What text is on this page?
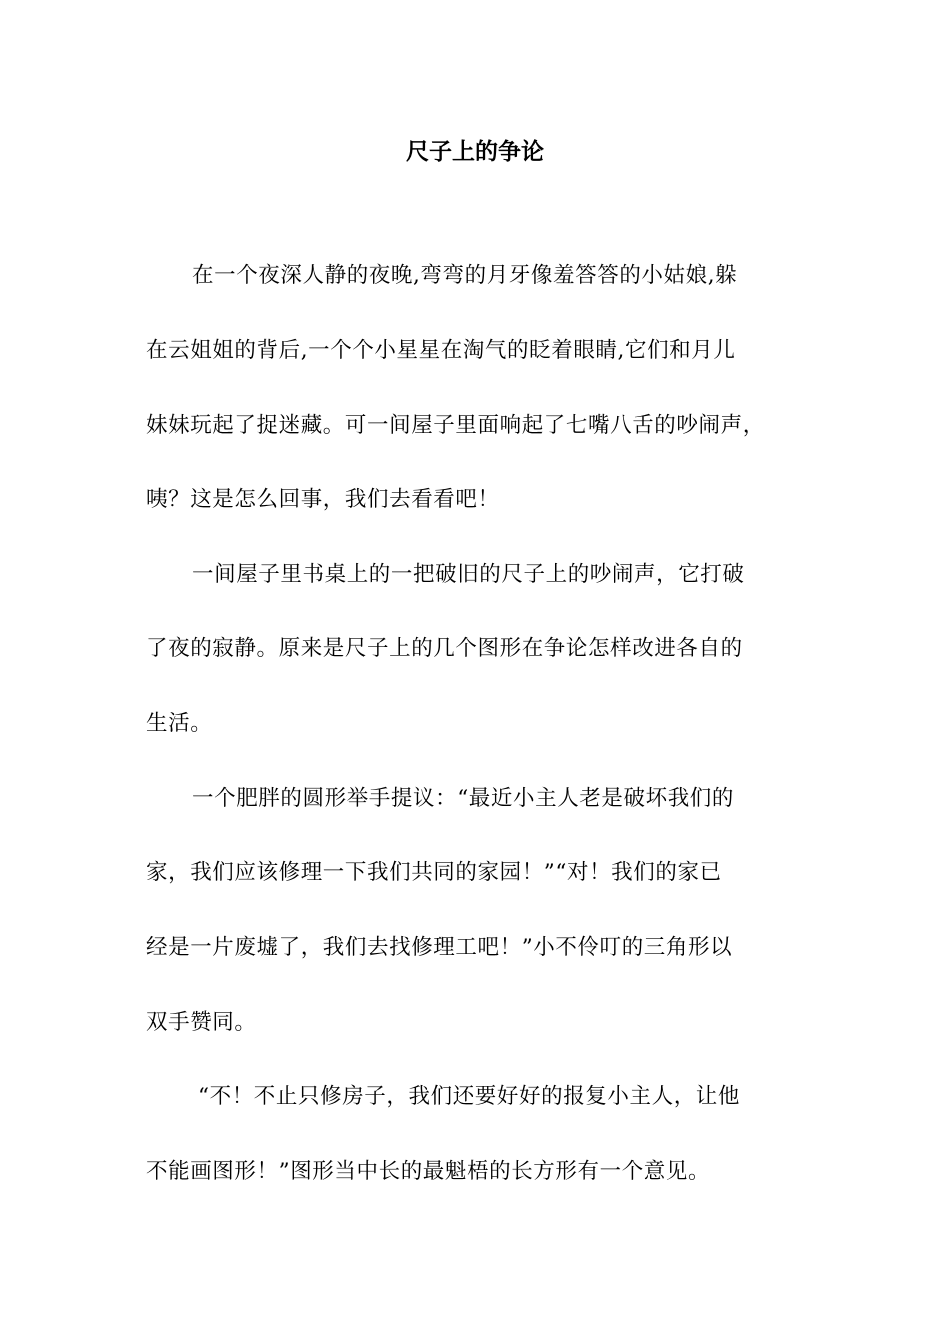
尺子上的争论

在一个夜深人静的夜晚,弯弯的月牙像羞答答的小姑娘,躲

在云姐姐的背后,一个个小星星在淘气的眨着眼睛,它们和月儿

妹妹玩起了捉迷藏。可一间屋子里面响起了七嘴八舌的吵闹声，

咦？这是怎么回事，我们去看看吧！

一间屋子里书桌上的一把破旧的尺子上的吵闹声，它打破

了夜的寂静。原来是尺子上的几个图形在争论怎样改进各自的

生活。

一个肥胖的圆形举手提议：“最近小主人老是破坏我们的

家，我们应该修理一下我们共同的家园！”“对！我们的家已

经是一片废墟了，我们去找修理工吧！”小不伶叮的三角形以

双手赞同。

“不！不止只修房子，我们还要好好的报复小主人，让他

不能画图形！”图形当中长的最魁梧的长方形有一个意见。
